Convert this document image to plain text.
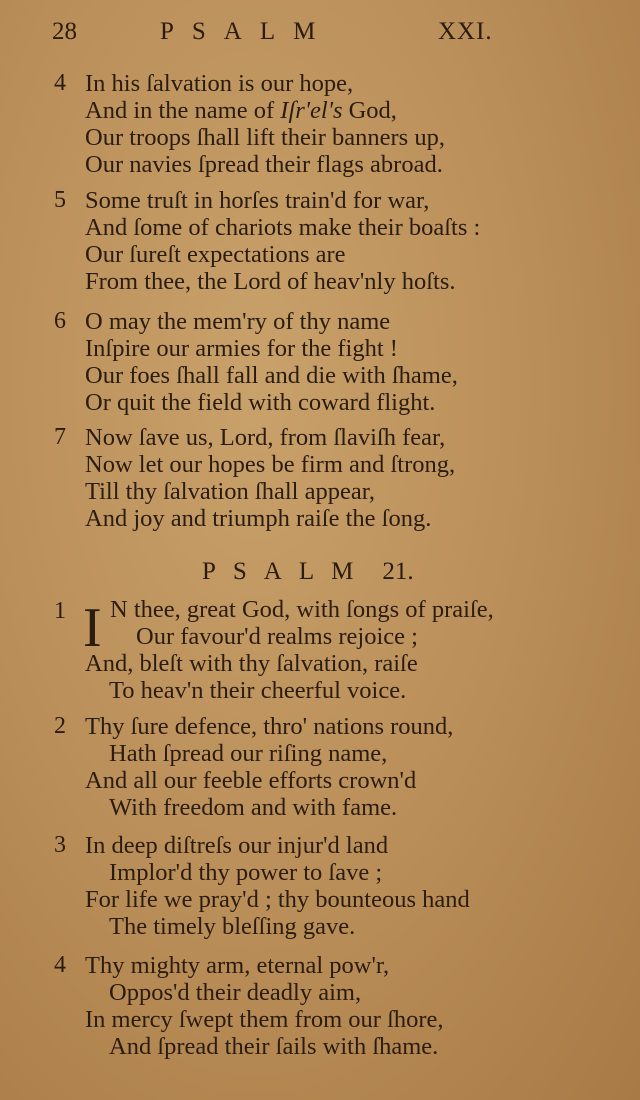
28	PSALM	XXI.
4 In his ſalvation is our hope,
And in the name of Iſr'el's God,
Our troops ſhall lift their banners up,
Our navies ſpread their flags abroad.
5 Some truſt in horſes train'd for war,
And ſome of chariots make their boaſts :
Our ſureſt expectations are
From thee, the Lord of heav'nly hoſts.
6 O may the mem'ry of thy name
Inſpire our armies for the fight !
Our foes ſhall fall and die with ſhame,
Or quit the field with coward flight.
7 Now ſave us, Lord, from ſlaviſh fear,
Now let our hopes be firm and ſtrong,
Till thy ſalvation ſhall appear,
And joy and triumph raiſe the ſong.
PSALM 21.
1 I N thee, great God, with ſongs of praiſe,
Our favour'd realms rejoice ;
And, bleſt with thy ſalvation, raiſe
To heav'n their cheerful voice.
2 Thy ſure defence, thro' nations round,
Hath ſpread our riſing name,
And all our feeble efforts crown'd
With freedom and with fame.
3 In deep diſtreſs our injur'd land
Implor'd thy power to ſave ;
For life we pray'd ; thy bounteous hand
The timely bleſſing gave.
4 Thy mighty arm, eternal pow'r,
Oppos'd their deadly aim,
In mercy ſwept them from our ſhore,
And ſpread their ſails with ſhame.
